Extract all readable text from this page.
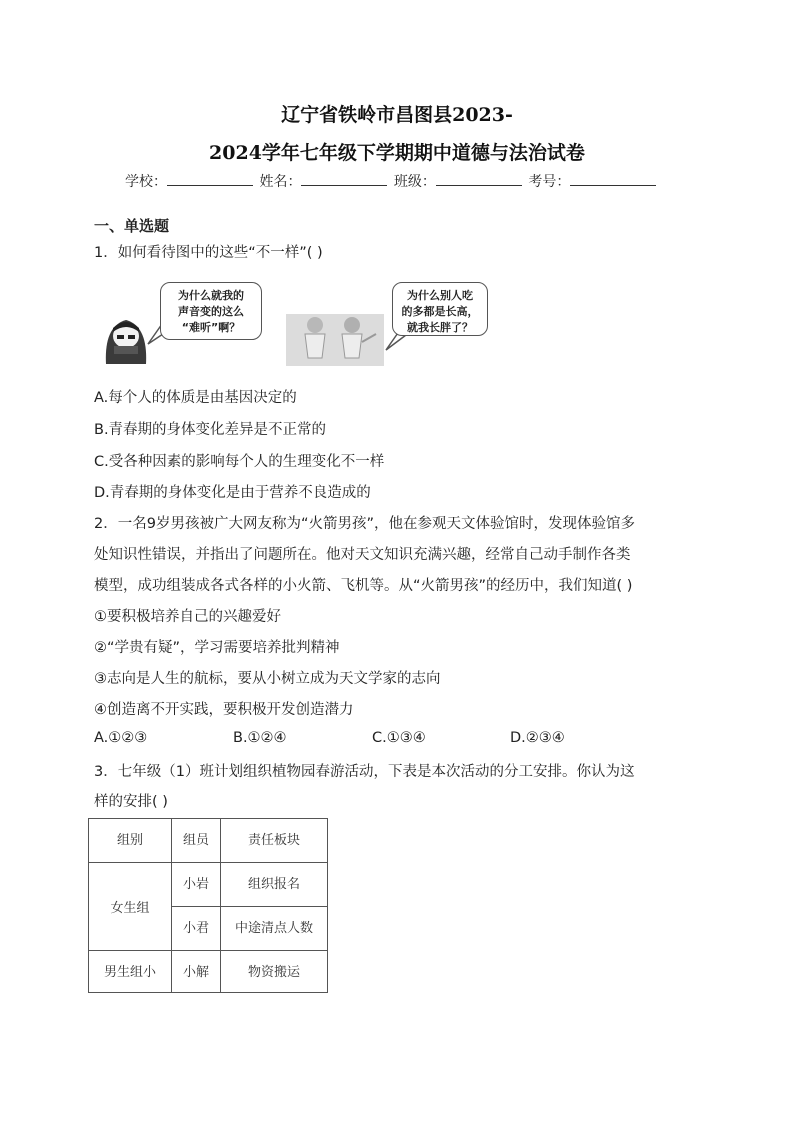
辽宁省铁岭市昌图县2023-
2024学年七年级下学期期中道德与法治试卷
学校：	姓名：	班级：	考号：
一、单选题
1．如何看待图中的这些“不一样”( )
为什么就我的
声音变的这么
“难听”啊？
为什么别人吃
的多都是长高，
就我长胖了？
A.每个人的体质是由基因决定的
B.青春期的身体变化差异是不正常的
C.受各种因素的影响每个人的生理变化不一样
D.青春期的身体变化是由于营养不良造成的
2．一名9岁男孩被广大网友称为“火箭男孩”，他在参观天文体验馆时，发现体验馆多
处知识性错误，并指出了问题所在。他对天文知识充满兴趣，经常自己动手制作各类
模型，成功组装成各式各样的小火箭、飞机等。从“火箭男孩”的经历中，我们知道( )
①要积极培养自己的兴趣爱好
②“学贵有疑”，学习需要培养批判精神
③志向是人生的航标，要从小树立成为天文学家的志向
④创造离不开实践，要积极开发创造潜力
A.①②③	B.①②④	C.①③④	D.②③④
3．七年级（1）班计划组织植物园春游活动，下表是本次活动的分工安排。你认为这
样的安排( )
组别	组员	责任板块
女生组	小岩	组织报名
	小君	中途清点人数
男生组小	小解	物资搬运
